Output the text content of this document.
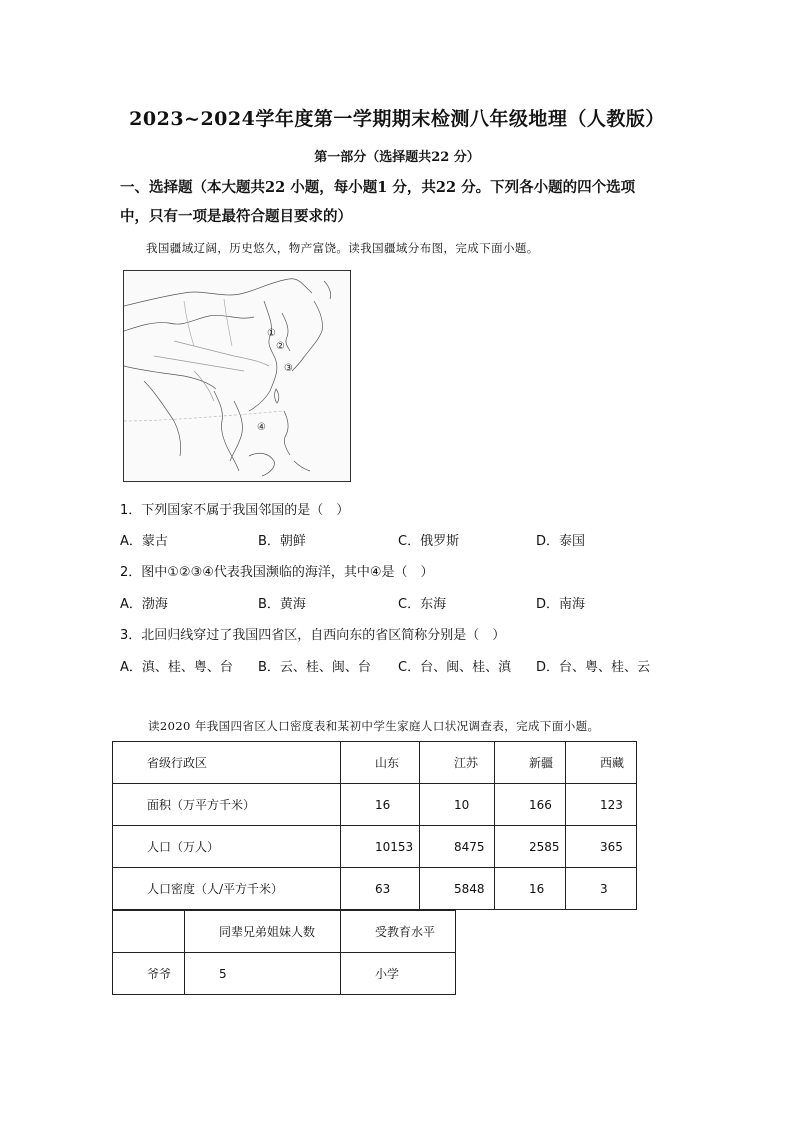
2023~2024学年度第一学期期末检测八年级地理（人教版）
第一部分（选择题共22 分）
一、选择题（本大题共22 小题，每小题1 分，共22 分。下列各小题的四个选项
中，只有一项是最符合题目要求的）
我国疆域辽阔，历史悠久，物产富饶。读我国疆域分布图，完成下面小题。
①
②
③
④
1．下列国家不属于我国邻国的是（　）
A．蒙古	B．朝鲜	C．俄罗斯	D．泰国
2．图中①②③④代表我国濒临的海洋，其中④是（　）
A．渤海	B．黄海	C．东海	D．南海
3．北回归线穿过了我国四省区，自西向东的省区简称分别是（　）
A．滇、桂、粤、台 B．云、桂、闽、台 C．台、闽、桂、滇 D．台、粤、桂、云
读2020 年我国四省区人口密度表和某初中学生家庭人口状况调查表，完成下面小题。
省级行政区	山东	江苏	新疆	西藏
面积（万平方千米）	16	10	166	123
人口（万人）	10153	8475	2585	365
人口密度（人/平方千米）	63	5848	16	3
	同辈兄弟姐妹人数	受教育水平
爷爷	5	小学
